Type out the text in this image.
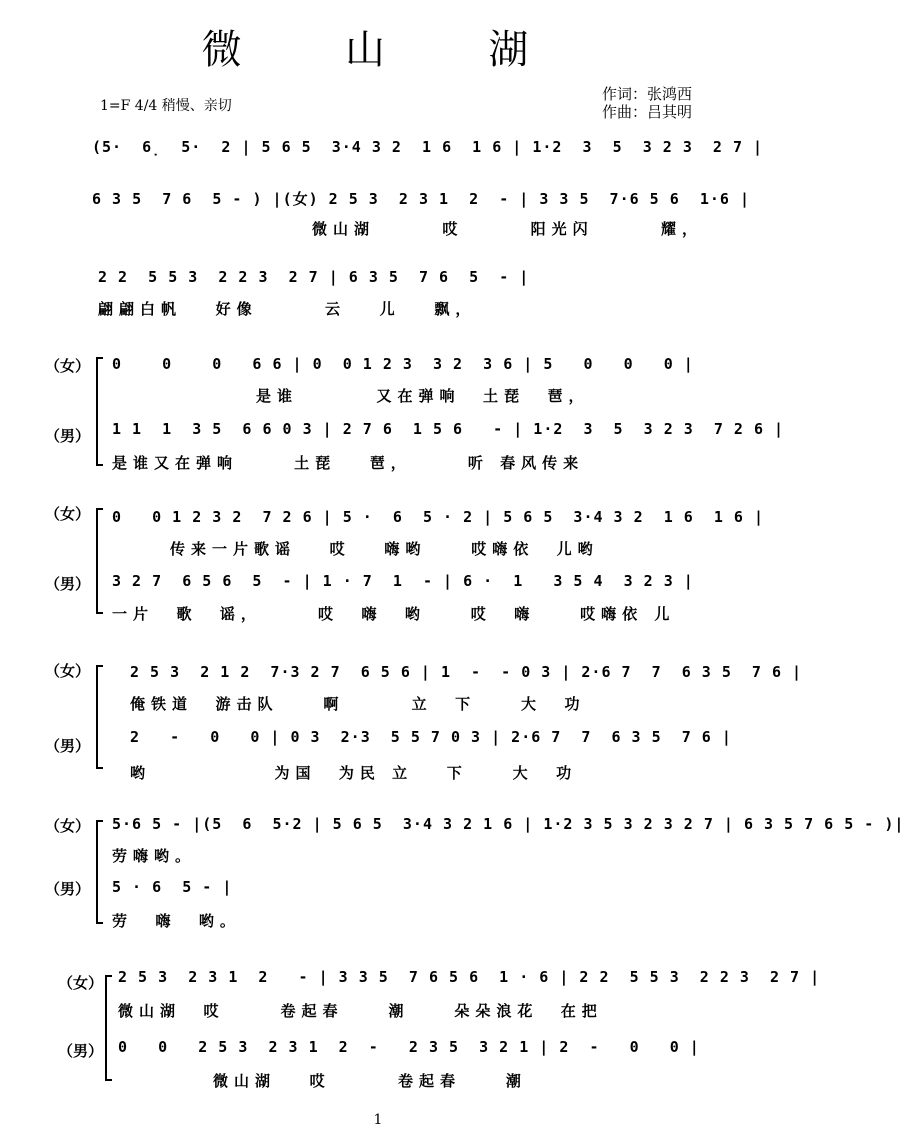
微  山  湖
1=F 4/4 稍慢、亲切
作词：张鸿西
作曲：吕其明
(5·  6̣  5·  2 | 5 6 5  3·4 3 2  1 6  1 6 | 1·2  3  5  3 2 3  2 7 |
6 3 5  7 6  5 - ) |(女) 2 5 3  2 3 1  2  - | 3 3 5  7·6 5 6  1·6 |
微山湖      哎      阳光闪      耀，
2 2  5 5 3  2 2 3  2 7 | 6 3 5  7 6  5  - |
翩翩白帆   好像      云   儿   飘，
（女）
（男）
0    0    0   6 6 | 0  0 1 2 3  3 2  3 6 | 5   0   0   0 |
是谁       又在弹响  土琵  琶，
1 1  1  3 5  6 6 0 3 | 2 7 6  1 5 6   - | 1·2  3  5  3 2 3  7 2 6 |
是谁又在弹响     土琵   琶，     听 春风传来
（女）
（男）
0   0 1 2 3 2  7 2 6 | 5 ·  6  5 · 2 | 5 6 5  3·4 3 2  1 6  1 6 |
传来一片歌谣   哎   嗨哟    哎嗨依  儿哟
3 2 7  6 5 6  5  - | 1 · 7  1  - | 6 ·  1   3 5 4  3 2 3 |
一片  歌  谣，     哎  嗨  哟    哎  嗨    哎嗨依 儿
（女）
（男）
2 5 3  2 1 2  7·3 2 7  6 5 6 | 1  -  - 0 3 | 2·6 7  7  6 3 5  7 6 |
俺铁道  游击队    啊      立  下    大  功
2   -   0   0 | 0 3  2·3  5 5 7 0 3 | 2·6 7  7  6 3 5  7 6 |
哟           为国  为民 立   下    大  功
（女）
（男）
5·6 5 - |(5  6  5·2 | 5 6 5  3·4 3 2 1 6 | 1·2 3 5 3 2 3 2 7 | 6 3 5 7 6 5 - )|
劳嗨哟。
5 · 6  5 - |
劳  嗨  哟。
（女）
（男）
2 5 3  2 3 1  2   - | 3 3 5  7 6 5 6  1 · 6 | 2 2  5 5 3  2 2 3  2 7 |
微山湖  哎     卷起春    潮    朵朵浪花  在把
0   0   2 5 3  2 3 1  2  -   2 3 5  3 2 1 | 2  -   0   0 |
微山湖   哎      卷起春    潮
1
